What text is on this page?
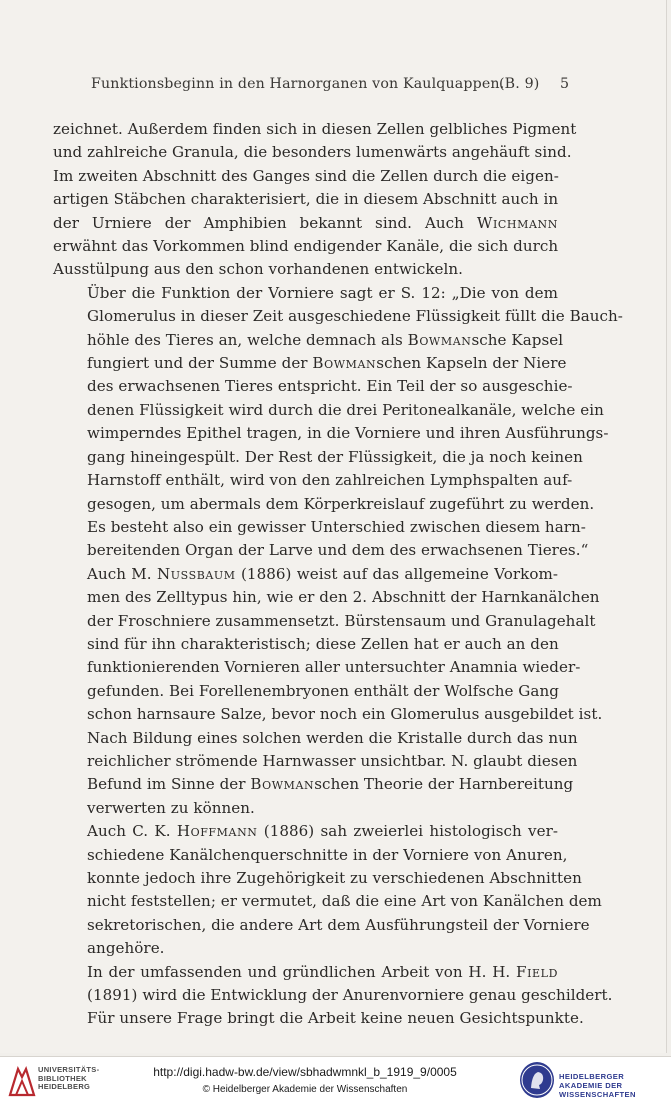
Funktionsbeginn in den Harnorganen von Kaulquappen.
(B. 9) 5

zeichnet. Außerdem finden sich in diesen Zellen gelbliches Pigment
und zahlreiche Granula, die besonders lumenwärts angehäuft sind.
Im zweiten Abschnitt des Ganges sind die Zellen durch die eigen-
artigen Stäbchen charakterisiert, die in diesem Abschnitt auch in
der Urniere der Amphibien bekannt sind. Auch Wichmann
erwähnt das Vorkommen blind endigender Kanäle, die sich durch
Ausstülpung aus den schon vorhandenen entwickeln.

Über die Funktion der Vorniere sagt er S. 12: „Die von dem
Glomerulus in dieser Zeit ausgeschiedene Flüssigkeit füllt die Bauch-
höhle des Tieres an, welche demnach als Bowmansche Kapsel
fungiert und der Summe der Bowmanschen Kapseln der Niere
des erwachsenen Tieres entspricht. Ein Teil der so ausgeschie-
denen Flüssigkeit wird durch die drei Peritonealkanäle, welche ein
wimperndes Epithel tragen, in die Vorniere und ihren Ausführungs-
gang hineingespült. Der Rest der Flüssigkeit, die ja noch keinen
Harnstoff enthält, wird von den zahlreichen Lymphspalten auf-
gesogen, um abermals dem Körperkreislauf zugeführt zu werden.
Es besteht also ein gewisser Unterschied zwischen diesem harn-
bereitenden Organ der Larve und dem des erwachsenen Tieres.“

Auch M. Nussbaum (1886) weist auf das allgemeine Vorkom-
men des Zelltypus hin, wie er den 2. Abschnitt der Harnkanälchen
der Froschniere zusammensetzt. Bürstensaum und Granulagehalt
sind für ihn charakteristisch; diese Zellen hat er auch an den
funktionierenden Vornieren aller untersuchter Anamnia wieder-
gefunden. Bei Forellenembryonen enthält der Wolfsche Gang
schon harnsaure Salze, bevor noch ein Glomerulus ausgebildet ist.
Nach Bildung eines solchen werden die Kristalle durch das nun
reichlicher strömende Harnwasser unsichtbar. N. glaubt diesen
Befund im Sinne der Bowmanschen Theorie der Harnbereitung
verwerten zu können.

Auch C. K. Hoffmann (1886) sah zweierlei histologisch ver-
schiedene Kanälchenquerschnitte in der Vorniere von Anuren,
konnte jedoch ihre Zugehörigkeit zu verschiedenen Abschnitten
nicht feststellen; er vermutet, daß die eine Art von Kanälchen dem
sekretorischen, die andere Art dem Ausführungsteil der Vorniere
angehöre.

In der umfassenden und gründlichen Arbeit von H. H. Field
(1891) wird die Entwicklung der Anurenvorniere genau geschildert.
Für unsere Frage bringt die Arbeit keine neuen Gesichtspunkte.

UNIVERSITÄTS- BIBLIOTHEK HEIDELBERG
http://digi.hadw-bw.de/view/sbhadwmnkl_b_1919_9/0005
© Heidelberger Akademie der Wissenschaften
HEIDELBERGER AKADEMIE DER WISSENSCHAFTEN
